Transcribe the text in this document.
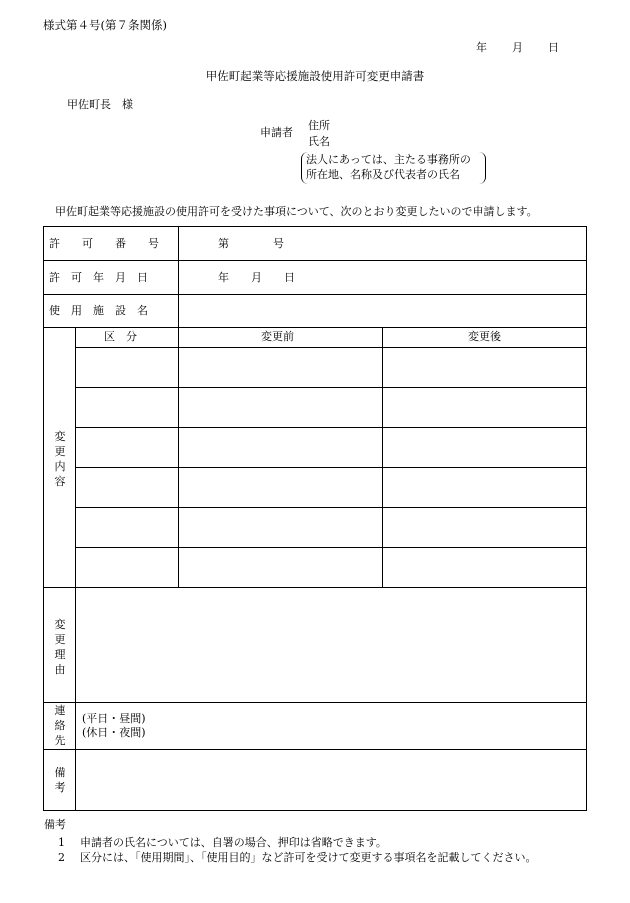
様式第４号(第７条関係)
年 月 日
甲佐町起業等応援施設使用許可変更申請書
甲佐町長　様
申請者
住所
氏名
法人にあっては、主たる事務所の
所在地、名称及び代表者の氏名
甲佐町起業等応援施設の使用許可を受けた事項について、次のとおり変更したいので申請します。
許　　可　　番　　号	第　　　　号
許　可　年　月　日	年　　月　　日
使　用　施　設　名
変更内容
区　分	変更前	変更後
変更理由
連絡先
(平日・昼間)
(休日・夜間)
備考
備考
1 申請者の氏名については、自署の場合、押印は省略できます。
2 区分には、「使用期間」、「使用目的」など許可を受けて変更する事項名を記載してください。
